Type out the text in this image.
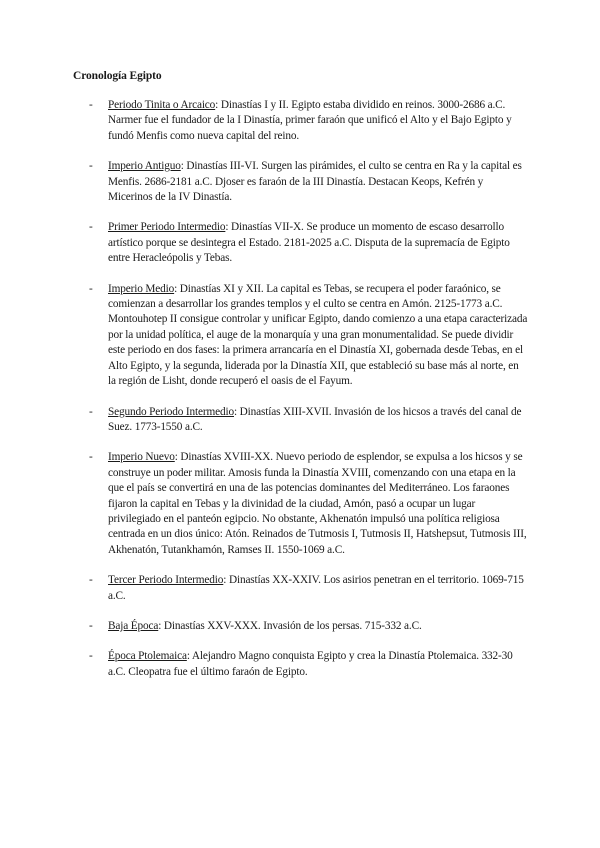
Cronología Egipto
- Periodo Tinita o Arcaico: Dinastías I y II. Egipto estaba dividido en reinos. 3000-2686 a.C. Narmer fue el fundador de la I Dinastía, primer faraón que unificó el Alto y el Bajo Egipto y fundó Menfis como nueva capital del reino.
- Imperio Antiguo: Dinastías III-VI. Surgen las pirámides, el culto se centra en Ra y la capital es Menfis. 2686-2181 a.C. Djoser es faraón de la III Dinastía. Destacan Keops, Kefrén y Micerinos de la IV Dinastía.
- Primer Periodo Intermedio: Dinastías VII-X. Se produce un momento de escaso desarrollo artístico porque se desintegra el Estado. 2181-2025 a.C. Disputa de la supremacía de Egipto entre Heracleópolis y Tebas.
- Imperio Medio: Dinastías XI y XII. La capital es Tebas, se recupera el poder faraónico, se comienzan a desarrollar los grandes templos y el culto se centra en Amón. 2125-1773 a.C. Montouhotep II consigue controlar y unificar Egipto, dando comienzo a una etapa caracterizada por la unidad política, el auge de la monarquía y una gran monumentalidad. Se puede dividir este periodo en dos fases: la primera arrancaría en el Dinastía XI, gobernada desde Tebas, en el Alto Egipto, y la segunda, liderada por la Dinastía XII, que estableció su base más al norte, en la región de Lisht, donde recuperó el oasis de el Fayum.
- Segundo Periodo Intermedio: Dinastías XIII-XVII. Invasión de los hicsos a través del canal de Suez. 1773-1550 a.C.
- Imperio Nuevo: Dinastías XVIII-XX. Nuevo periodo de esplendor, se expulsa a los hicsos y se construye un poder militar. Amosis funda la Dinastía XVIII, comenzando con una etapa en la que el país se convertirá en una de las potencias dominantes del Mediterráneo. Los faraones fijaron la capital en Tebas y la divinidad de la ciudad, Amón, pasó a ocupar un lugar privilegiado en el panteón egipcio. No obstante, Akhenatón impulsó una política religiosa centrada en un dios único: Atón. Reinados de Tutmosis I, Tutmosis II, Hatshepsut, Tutmosis III, Akhenatón, Tutankhamón, Ramses II. 1550-1069 a.C.
- Tercer Periodo Intermedio: Dinastías XX-XXIV. Los asirios penetran en el territorio. 1069-715 a.C.
- Baja Época: Dinastías XXV-XXX. Invasión de los persas. 715-332 a.C.
- Época Ptolemaica: Alejandro Magno conquista Egipto y crea la Dinastía Ptolemaica. 332-30 a.C. Cleopatra fue el último faraón de Egipto.
